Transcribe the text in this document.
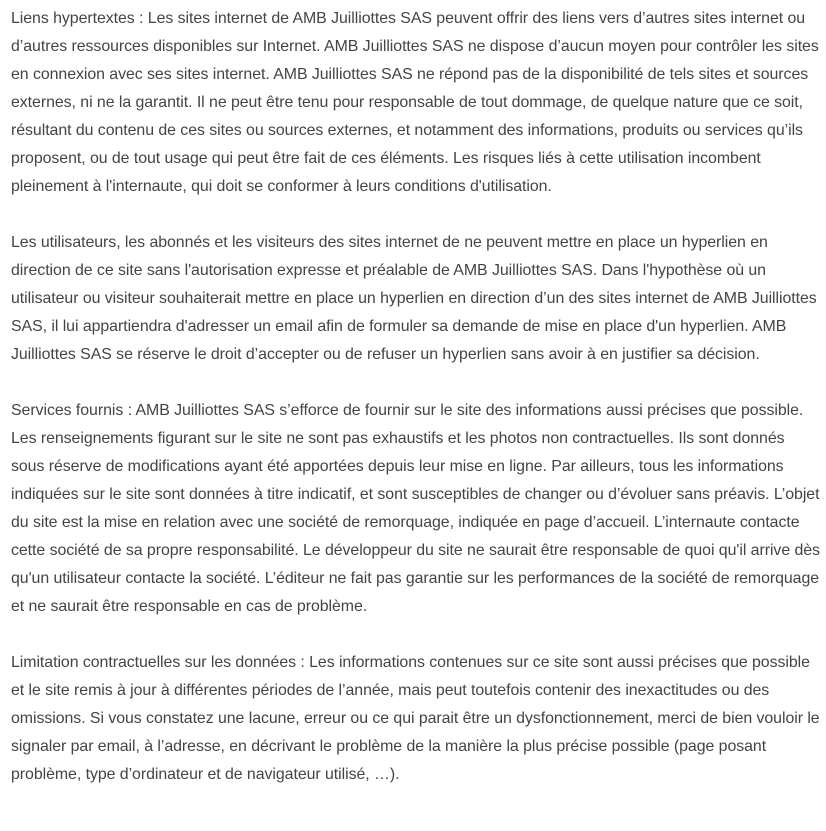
Liens hypertextes : Les sites internet de AMB Juilliottes SAS peuvent offrir des liens vers d’autres sites internet ou d’autres ressources disponibles sur Internet. AMB Juilliottes SAS ne dispose d’aucun moyen pour contrôler les sites en connexion avec ses sites internet. AMB Juilliottes SAS ne répond pas de la disponibilité de tels sites et sources externes, ni ne la garantit. Il ne peut être tenu pour responsable de tout dommage, de quelque nature que ce soit, résultant du contenu de ces sites ou sources externes, et notamment des informations, produits ou services qu’ils proposent, ou de tout usage qui peut être fait de ces éléments. Les risques liés à cette utilisation incombent pleinement à l'internaute, qui doit se conformer à leurs conditions d'utilisation.

Les utilisateurs, les abonnés et les visiteurs des sites internet de ne peuvent mettre en place un hyperlien en direction de ce site sans l'autorisation expresse et préalable de AMB Juilliottes SAS. Dans l'hypothèse où un utilisateur ou visiteur souhaiterait mettre en place un hyperlien en direction d’un des sites internet de AMB Juilliottes SAS, il lui appartiendra d'adresser un email afin de formuler sa demande de mise en place d'un hyperlien. AMB Juilliottes SAS se réserve le droit d’accepter ou de refuser un hyperlien sans avoir à en justifier sa décision.

Services fournis : AMB Juilliottes SAS s’efforce de fournir sur le site des informations aussi précises que possible. Les renseignements figurant sur le site ne sont pas exhaustifs et les photos non contractuelles. Ils sont donnés sous réserve de modifications ayant été apportées depuis leur mise en ligne. Par ailleurs, tous les informations indiquées sur le site sont données à titre indicatif, et sont susceptibles de changer ou d’évoluer sans préavis. L’objet du site est la mise en relation avec une société de remorquage, indiquée en page d’accueil. L’internaute contacte cette société de sa propre responsabilité. Le développeur du site ne saurait être responsable de quoi qu'il arrive dès qu'un utilisateur contacte la société. L’éditeur ne fait pas garantie sur les performances de la société de remorquage et ne saurait être responsable en cas de problème.

Limitation contractuelles sur les données : Les informations contenues sur ce site sont aussi précises que possible et le site remis à jour à différentes périodes de l’année, mais peut toutefois contenir des inexactitudes ou des omissions. Si vous constatez une lacune, erreur ou ce qui parait être un dysfonctionnement, merci de bien vouloir le signaler par email, à l’adresse, en décrivant le problème de la manière la plus précise possible (page posant problème, type d’ordinateur et de navigateur utilisé, …).
